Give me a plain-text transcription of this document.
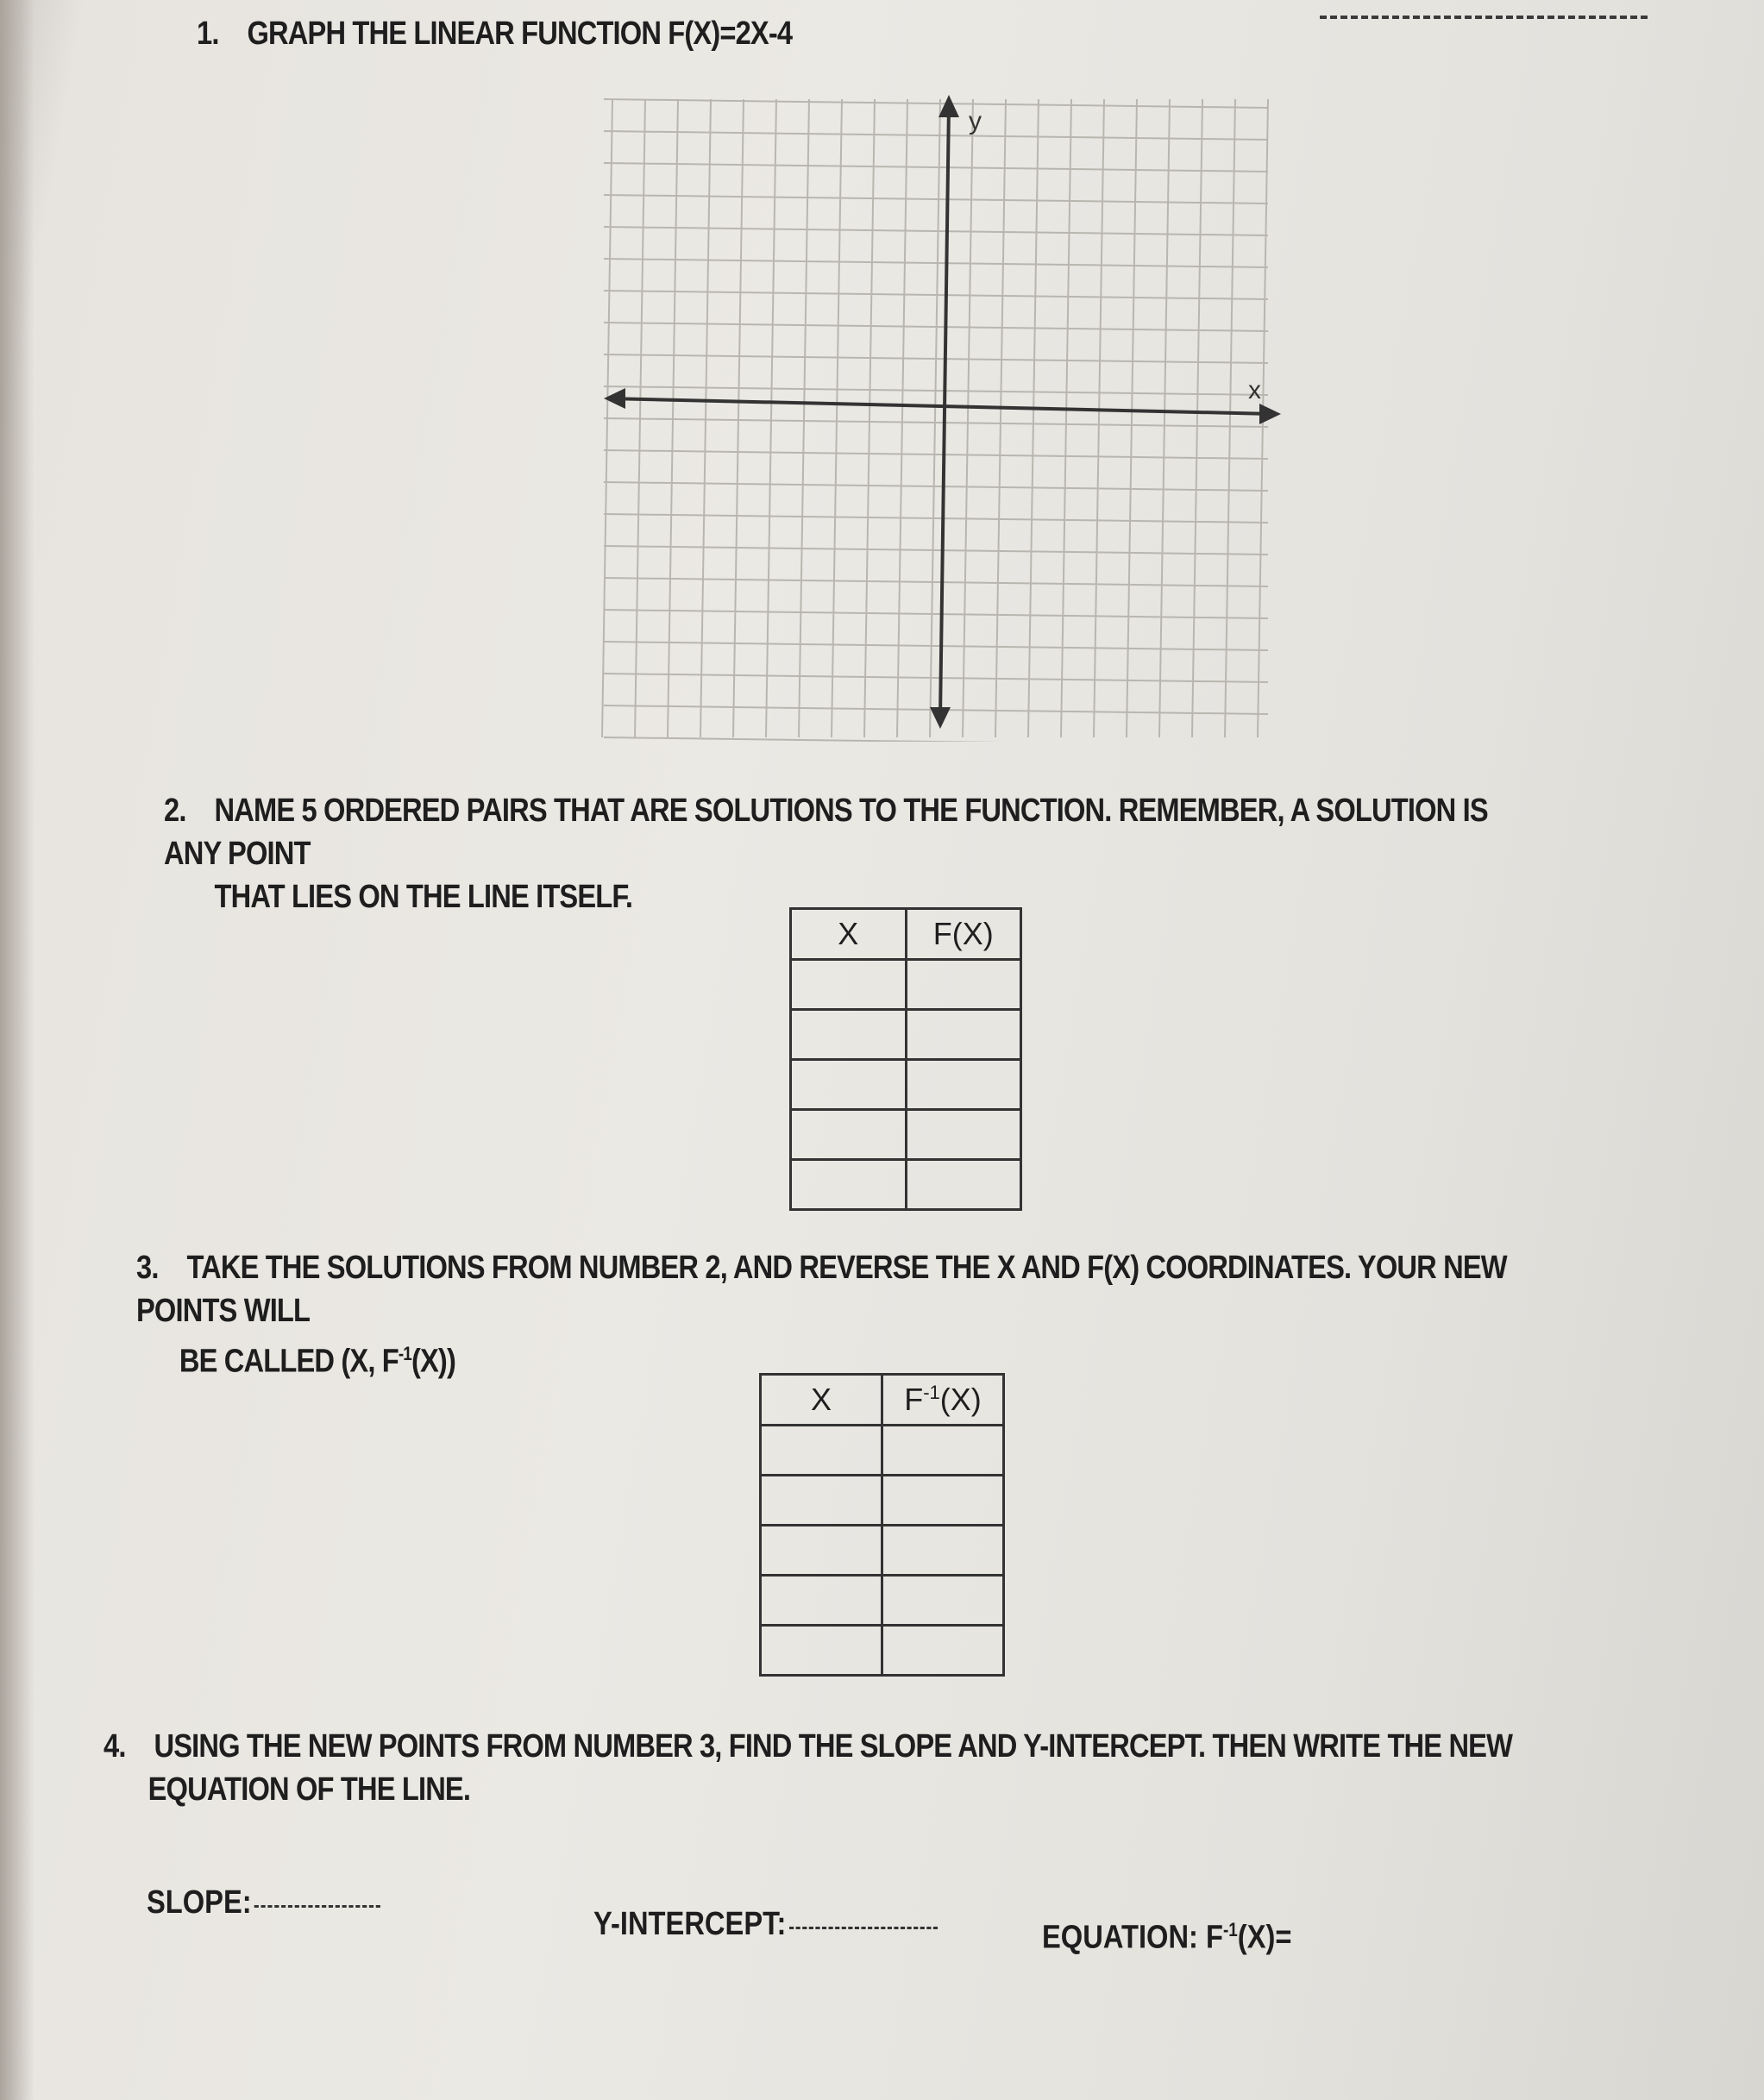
1. GRAPH THE LINEAR FUNCTION F(X)=2X-4
y
x
2. NAME 5 ORDERED PAIRS THAT ARE SOLUTIONS TO THE FUNCTION. REMEMBER, A SOLUTION IS ANY POINT
THAT LIES ON THE LINE ITSELF.
X	F(X)

3. TAKE THE SOLUTIONS FROM NUMBER 2, AND REVERSE THE X AND F(X) COORDINATES. YOUR NEW POINTS WILL
BE CALLED (X, $F^{-1}(X)$)
X	$F^{-1}(X)$

4. USING THE NEW POINTS FROM NUMBER 3, FIND THE SLOPE AND Y-INTERCEPT. THEN WRITE THE NEW
EQUATION OF THE LINE.
SLOPE:
Y-INTERCEPT:	EQUATION: $F^{-1}(X)=$
